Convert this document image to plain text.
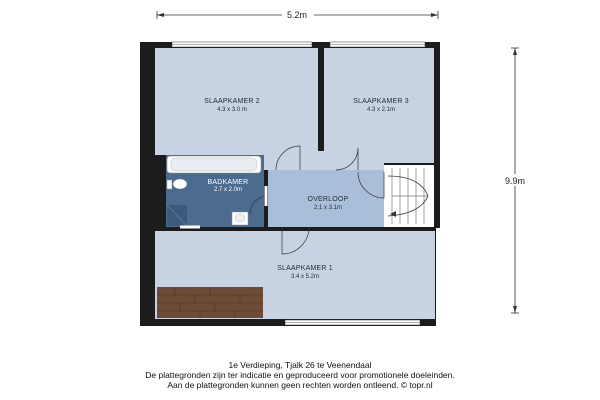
5.2m
9.9m
SLAAPKAMER 2
4.3 x 3.0 m
SLAAPKAMER 3
4.3 x 2.1m
BADKAMER
2.7 x 2.0m
OVERLOOP
2.1 x 3.1m
SLAAPKAMER 1
3.4 x 5.2m
1e Verdieping, Tjalk 26 te Veenendaal
De plattegronden zijn ter indicatie en geproduceerd voor promotionele doeleinden.
Aan de plattegronden kunnen geen rechten worden ontleend. © topr.nl
